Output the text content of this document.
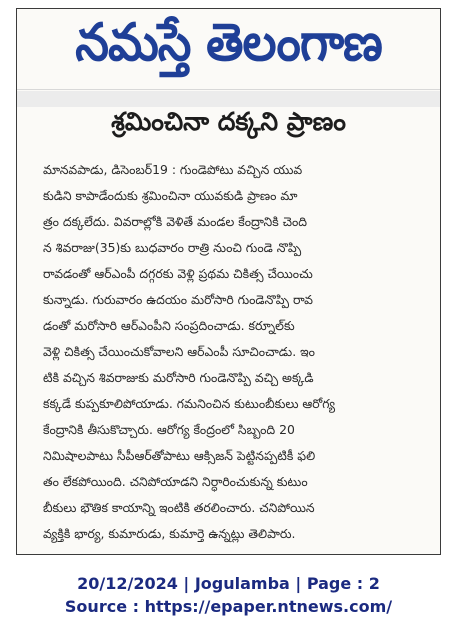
నమస్తే తెలంగాణ
శ్రమించినా దక్కని ప్రాణం
మానవపాడు, డిసెంబర్19 : గుండెపోటు వచ్చిన యువ
కుడిని కాపాడేందుకు శ్రమించినా యువకుడి ప్రాణం మా
త్రం దక్కలేదు. వివరాల్లోకి వెళితే మండల కేంద్రానికి చెంది
న శివరాజు(35)కు బుధవారం రాత్రి నుంచి గుండె నొప్పి
రావడంతో ఆర్ఎంపీ దగ్గరకు వెళ్లి ప్రథమ చికిత్స చేయించు
కున్నాడు. గురువారం ఉదయం మరోసారి గుండెనొప్పి రావ
డంతో మరోసారి ఆర్ఎంపీని సంప్రదించాడు. కర్నూల్‌కు
వెళ్లి చికిత్స చేయించుకోవాలని ఆర్ఎంపీ సూచించాడు. ఇం
టికి వచ్చిన శివరాజుకు మరోసారి గుండెనొప్పి వచ్చి అక్కడి
కక్కడే కుప్పకూలిపోయాడు. గమనించిన కుటుంబీకులు ఆరోగ్య
కేంద్రానికి తీసుకొచ్చారు. ఆరోగ్య కేంద్రంలో సిబ్బంది 20
నిమిషాలపాటు సీపీఆర్‌తోపాటు ఆక్సిజన్ పెట్టినప్పటికీ ఫలి
తం లేకపోయింది. చనిపోయాడని నిర్ధారించుకున్న కుటుం
బీకులు భౌతిక కాయాన్ని ఇంటికి తరలించారు. చనిపోయిన
వ్యక్తికి భార్య, కుమారుడు, కుమార్తె ఉన్నట్లు తెలిపారు.
20/12/2024 | Jogulamba | Page : 2
Source : https://epaper.ntnews.com/
